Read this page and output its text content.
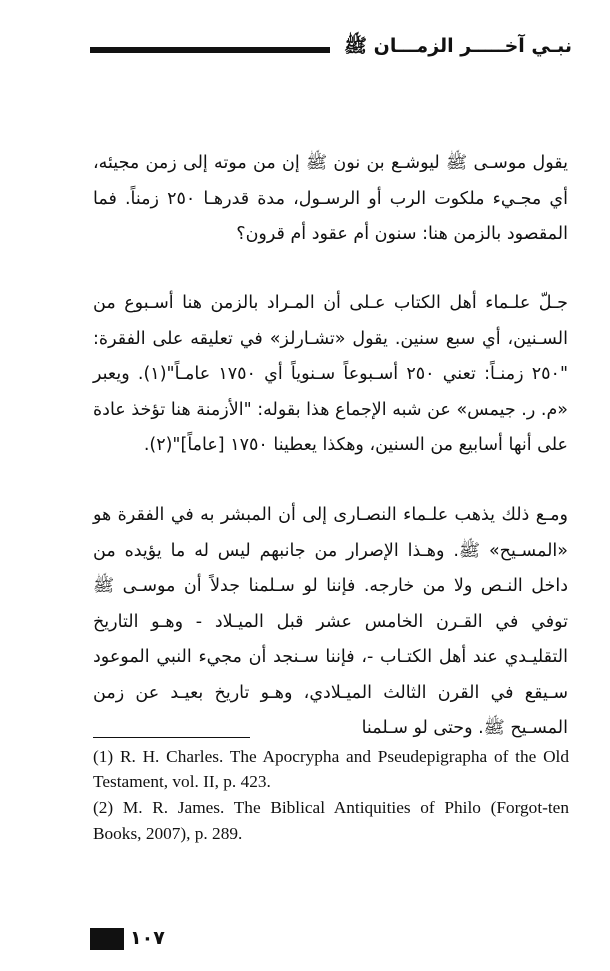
نبـي آخـــــر الزمـــان ﷺ

يقول موسـى ﷺ ليوشـع بن نون ﷺ إن من موته إلى زمن مجيئه، أي مجـيء ملكوت الرب أو الرسـول، مدة قدرهـا ٢٥٠ زمناً. فما المقصود بالزمن هنا: سنون أم عقود أم قرون؟

جـلّ علـماء أهل الكتاب عـلى أن المـراد بالزمن هنا أسـبوع من السـنين، أي سبع سنين. يقول «تشـارلز» في تعليقه على الفقرة: "٢٥٠ زمنـاً: تعني ٢٥٠ أسـبوعاً سـنوياً أي ١٧٥٠ عامـاً"(١). ويعبر «م. ر. جيمس» عن شبه الإجماع هذا بقوله: "الأزمنة هنا تؤخذ عادة على أنها أسابيع من السنين، وهكذا يعطينا ١٧٥٠ [عاماً]"(٢).

ومـع ذلك يذهب علـماء النصـارى إلى أن المبشر به في الفقرة هو «المسـيح» ﷺ. وهـذا الإصرار من جانبهم ليس له ما يؤيده من داخل النـص ولا من خارجه. فإننا لو سـلمنا جدلاً أن موسـى ﷺ توفي في القـرن الخامس عشر قبل الميـلاد - وهـو التاريخ التقليـدي عند أهل الكتـاب -، فإننا سـنجد أن مجيء النبي الموعود سـيقع في القرن الثالث الميـلادي، وهـو تاريخ بعيـد عن زمن المسـيح ﷺ. وحتى لو سـلمنا

(1) R. H. Charles. The Apocrypha and Pseudepigrapha of the Old Testament, vol. II, p. 423.

(2) M. R. James. The Biblical Antiquities of Philo (Forgot-ten Books, 2007), p. 289.

١٠٧
